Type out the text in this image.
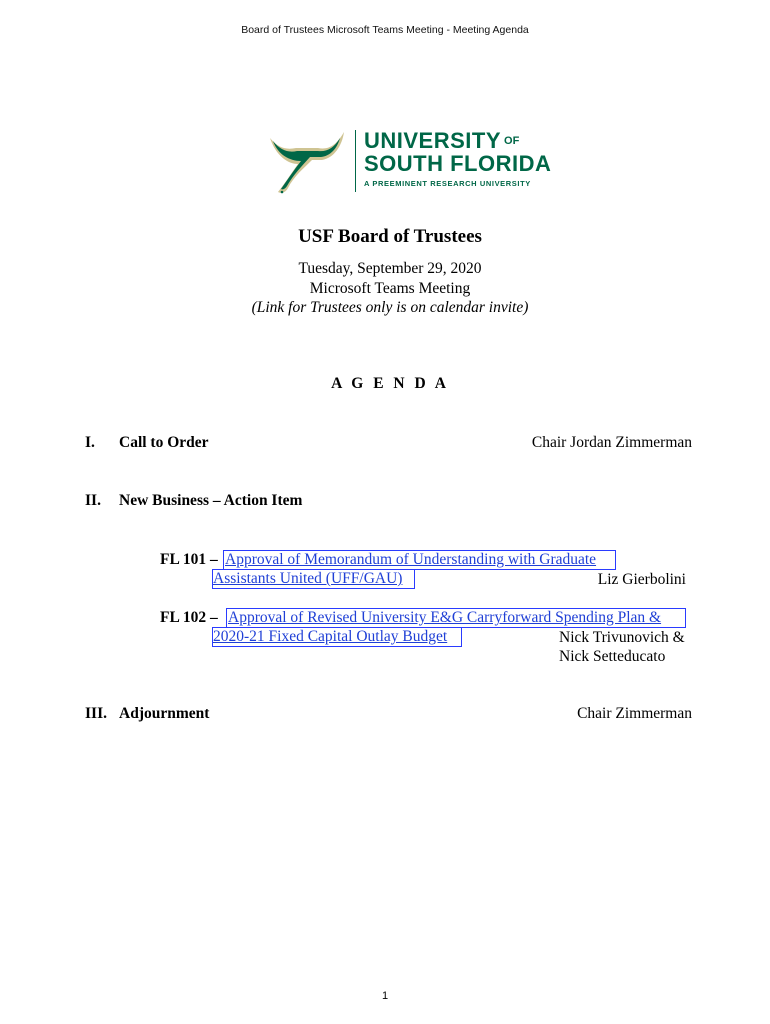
Board of Trustees Microsoft Teams Meeting - Meeting Agenda
UNIVERSITY $^{OF}$
SOUTH FLORIDA
A PREEMINENT RESEARCH UNIVERSITY
USF Board of Trustees
Tuesday, September 29, 2020
Microsoft Teams Meeting
(Link for Trustees only is on calendar invite)
A G E N D A
I. Call to Order	Chair Jordan Zimmerman
II. New Business – Action Item
FL 101 – Approval of Memorandum of Understanding with Graduate
Assistants United (UFF/GAU)	Liz Gierbolini
FL 102 – Approval of Revised University E&G Carryforward Spending Plan &
2020-21 Fixed Capital Outlay Budget	Nick Trivunovich &
Nick Setteducato
III. Adjournment	Chair Zimmerman
1
